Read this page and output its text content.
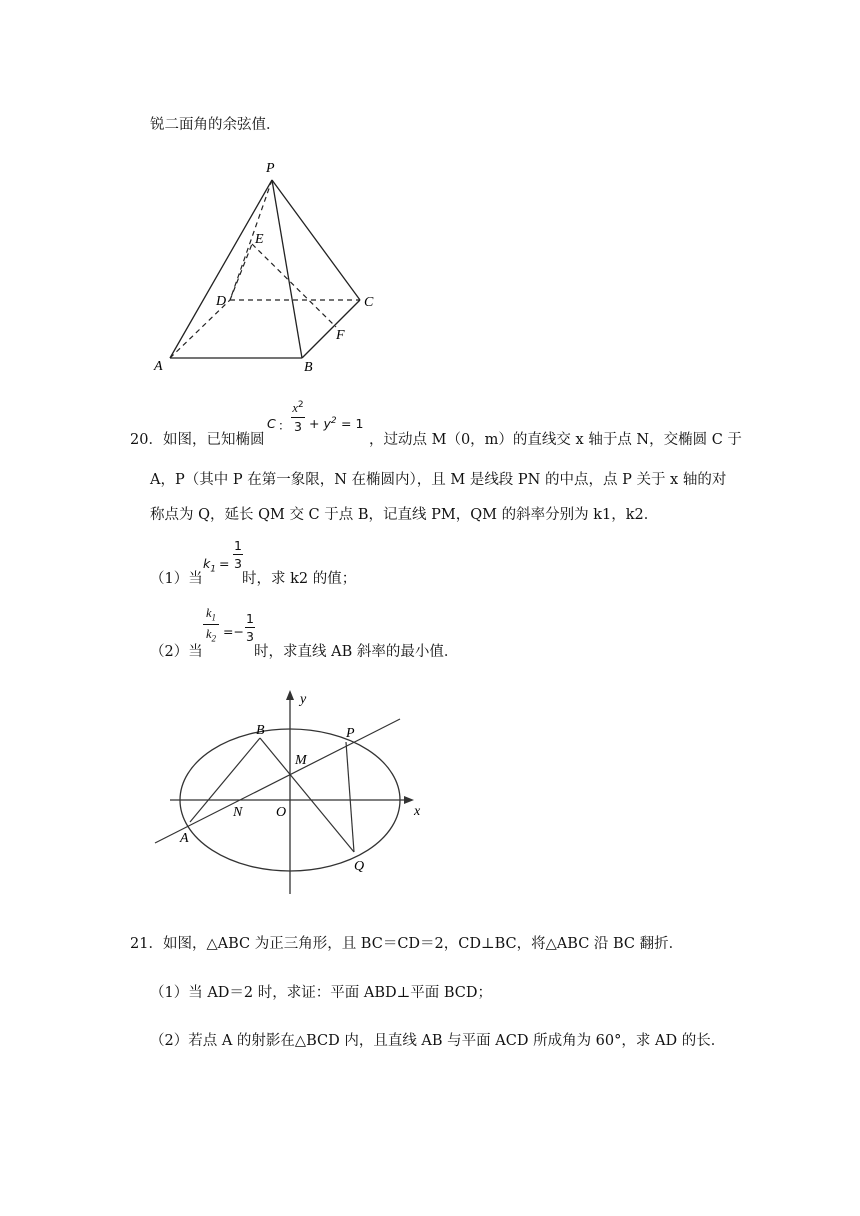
锐二面角的余弦值．
P
E
D	C
F
A	B
y
x
B	P
M
N O
A
Q
20． 如图，已知椭圆
C ：
$x^2$
$3 + y^2 = 1$
，过动点 M（0，m）的直线交 x 轴于点 N，交椭圆 C 于
A，P（其中 P 在第一象限，N 在椭圆内），且 M 是线段 PN 的中点，点 P 关于 x 轴的对
称点为 Q，延长 QM 交 C 于点 B，记直线 PM，QM 的斜率分别为 k1，k2．
（1）当
$k_1$ =
1
3
时，求 k2 的值；
（2）当
$k_1$
$k_2$ =−
1
3
时，求直线 AB 斜率的最小值．
21．如图，△ABC 为正三角形，且 BC＝CD＝2，CD⊥BC，将△ABC 沿 BC 翻折．
（1）当 AD＝2 时，求证：平面 ABD⊥平面 BCD；
（2）若点 A 的射影在△BCD 内，且直线 AB 与平面 ACD 所成角为 60°，求 AD 的长．
